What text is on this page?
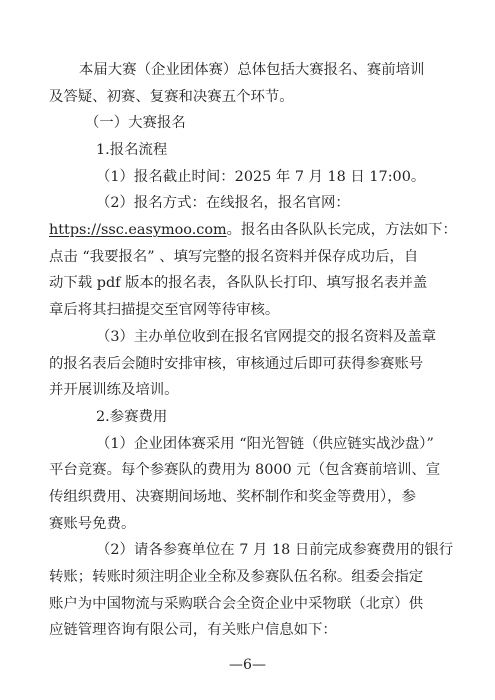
本届大赛（企业团体赛）总体包括大赛报名、赛前培训
及答疑、初赛、复赛和决赛五个环节。
（一）大赛报名
1.报名流程
（1）报名截止时间：2025 年 7 月 18 日 17:00。
（2）报名方式：在线报名，报名官网：
https://ssc.easymoo.com。报名由各队队长完成，方法如下：
点击 “我要报名” 、填写完整的报名资料并保存成功后，自
动下载 pdf 版本的报名表，各队队长打印、填写报名表并盖
章后将其扫描提交至官网等待审核。
（3）主办单位收到在报名官网提交的报名资料及盖章
的报名表后会随时安排审核，审核通过后即可获得参赛账号
并开展训练及培训。
2.参赛费用
（1）企业团体赛采用 “阳光智链（供应链实战沙盘）”
平台竞赛。每个参赛队的费用为 8000 元（包含赛前培训、宣
传组织费用、决赛期间场地、奖杯制作和奖金等费用），参
赛账号免费。
（2）请各参赛单位在 7 月 18 日前完成参赛费用的银行
—6—
转账；转账时须注明企业全称及参赛队伍名称。组委会指定
账户为中国物流与采购联合会全资企业中采物联（北京）供
应链管理咨询有限公司，有关账户信息如下：
